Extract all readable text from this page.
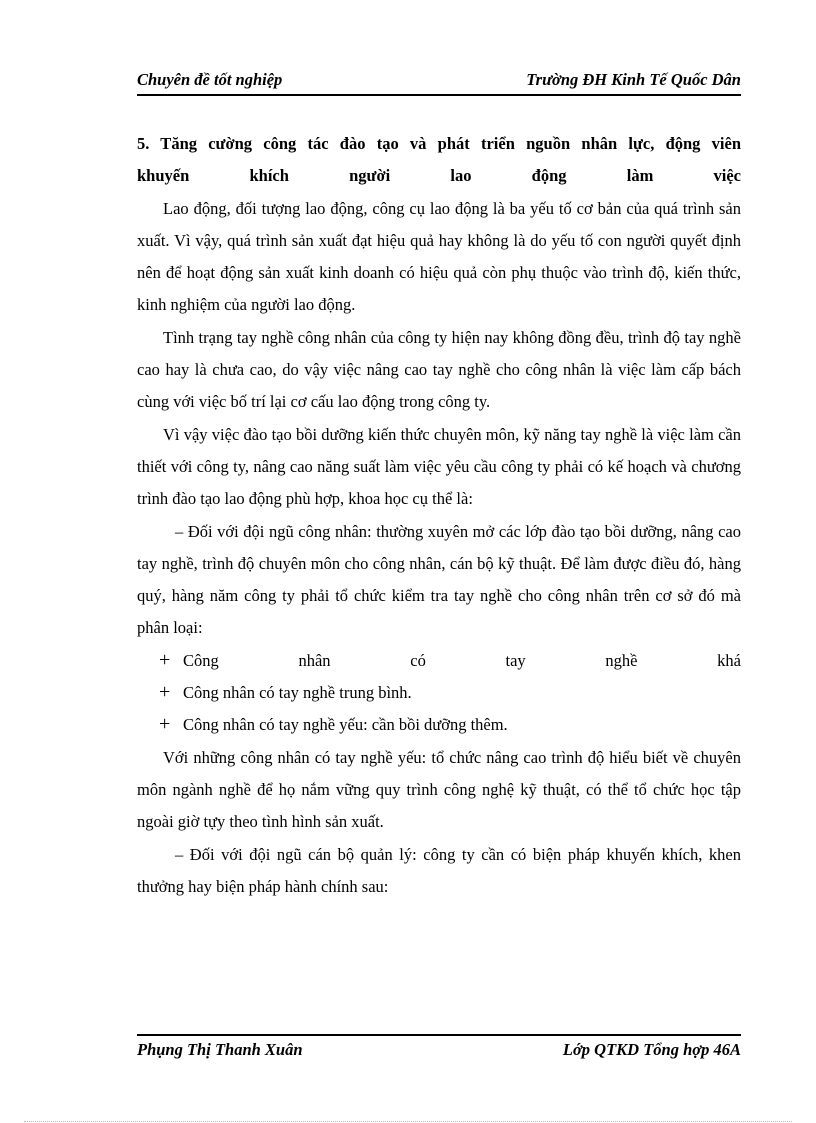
Chuyên đề tốt nghiệp	Trường ĐH Kinh Tế Quốc Dân

5. Tăng cường công tác đào tạo và phát triển nguồn nhân lực, động viên

khuyến khích người lao động làm việc

Lao động, đối tượng lao động, công cụ lao động là ba yếu tố cơ bản của quá trình sản xuất. Vì vậy, quá trình sản xuất đạt hiệu quả hay không là do yếu tố con người quyết định nên để hoạt động sản xuất kinh doanh có hiệu quả còn phụ thuộc vào trình độ, kiến thức, kinh nghiệm của người lao động.

Tình trạng tay nghề công nhân của công ty hiện nay không đồng đều, trình độ tay nghề cao hay là chưa cao, do vậy việc nâng cao tay nghề cho công nhân là việc làm cấp bách cùng với việc bố trí lại cơ cấu lao động trong công ty.

Vì vậy việc đào tạo bồi dưỡng kiến thức chuyên môn, kỹ năng tay nghề là việc làm cần thiết với công ty, nâng cao năng suất làm việc yêu cầu công ty phải có kế hoạch và chương trình đào tạo lao động phù hợp, khoa học cụ thể là:

– Đối với đội ngũ công nhân: thường xuyên mở các lớp đào tạo bồi dưỡng, nâng cao tay nghề, trình độ chuyên môn cho công nhân, cán bộ kỹ thuật. Để làm được điều đó, hàng quý, hàng năm công ty phải tổ chức kiểm tra tay nghề cho công nhân trên cơ sở đó mà phân loại:

+ Công nhân có tay nghề khá
+ Công nhân có tay nghề trung bình.
+ Công nhân có tay nghề yếu: cần bồi dưỡng thêm.

Với những công nhân có tay nghề yếu: tổ chức nâng cao trình độ hiểu biết về chuyên môn ngành nghề để họ nắm vững quy trình công nghệ kỹ thuật, có thể tổ chức học tập ngoài giờ tựy theo tình hình sản xuất.

– Đối với đội ngũ cán bộ quản lý: công ty cần có biện pháp khuyến khích, khen thưởng hay biện pháp hành chính sau:

Phụng Thị Thanh Xuân	Lớp QTKD Tổng hợp 46A
